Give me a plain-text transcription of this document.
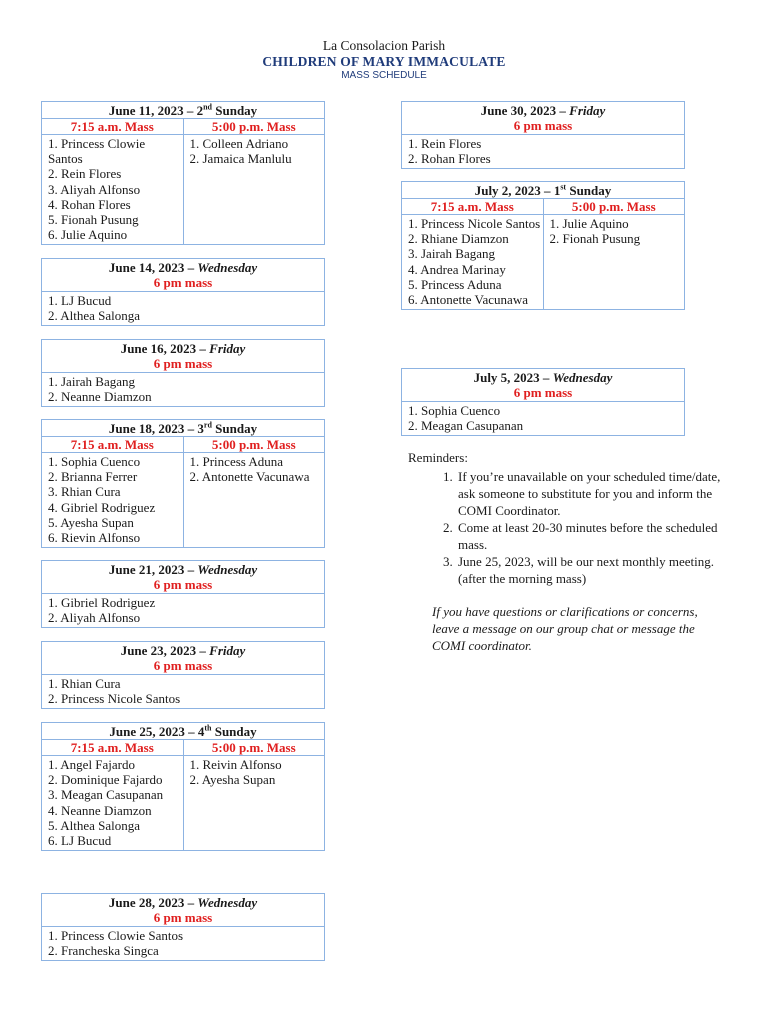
La Consolacion Parish
CHILDREN OF MARY IMMACULATE
MASS SCHEDULE
June 11, 2023 – 2nd Sunday
7:15 a.m. Mass
1. Princess Clowie Santos
2. Rein Flores
3. Aliyah Alfonso
4. Rohan Flores
5. Fionah Pusung
6. Julie Aquino
5:00 p.m. Mass
1. Colleen Adriano
2. Jamaica Manlulu
June 14, 2023 – Wednesday
6 pm mass
1. LJ Bucud
2. Althea Salonga
June 16, 2023 – Friday
6 pm mass
1. Jairah Bagang
2. Neanne Diamzon
June 18, 2023 – 3rd Sunday
7:15 a.m. Mass
1. Sophia Cuenco
2. Brianna Ferrer
3. Rhian Cura
4. Gibriel Rodriguez
5. Ayesha Supan
6. Rievin Alfonso
5:00 p.m. Mass
1. Princess Aduna
2. Antonette Vacunawa
June 21, 2023 – Wednesday
6 pm mass
1. Gibriel Rodriguez
2. Aliyah Alfonso
June 23, 2023 – Friday
6 pm mass
1. Rhian Cura
2. Princess Nicole Santos
June 25, 2023 – 4th Sunday
7:15 a.m. Mass
1. Angel Fajardo
2. Dominique Fajardo
3. Meagan Casupanan
4. Neanne Diamzon
5. Althea Salonga
6. LJ Bucud
5:00 p.m. Mass
1. Reivin Alfonso
2. Ayesha Supan
June 28, 2023 – Wednesday
6 pm mass
1. Princess Clowie Santos
2. Francheska Singca
June 30, 2023 – Friday
6 pm mass
1. Rein Flores
2. Rohan Flores
July 2, 2023 – 1st Sunday
7:15 a.m. Mass
1. Princess Nicole Santos
2. Rhiane Diamzon
3. Jairah Bagang
4. Andrea Marinay
5. Princess Aduna
6. Antonette Vacunawa
5:00 p.m. Mass
1. Julie Aquino
2. Fionah Pusung
July 5, 2023 – Wednesday
6 pm mass
1. Sophia Cuenco
2. Meagan Casupanan
Reminders:
1. If you’re unavailable on your scheduled time/date, ask someone to substitute for you and inform the COMI Coordinator.
2. Come at least 20-30 minutes before the scheduled mass.
3. June 25, 2023, will be our next monthly meeting. (after the morning mass)
If you have questions or clarifications or concerns, leave a message on our group chat or message the COMI coordinator.
